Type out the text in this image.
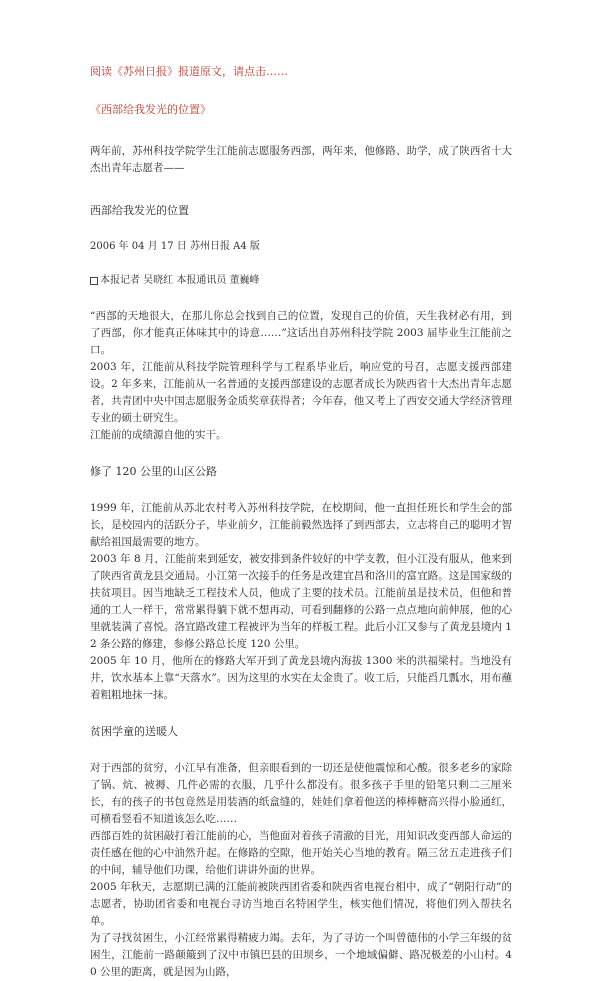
阅读《苏州日报》报道原文，请点击……

《西部给我发光的位置》

两年前，苏州科技学院学生江能前志愿服务西部，两年来，他修路、助学，成了陕西省十大杰出青年志愿者——

西部给我发光的位置

2006 年 04 月 17 日 苏州日报 A4 版

本报记者 吴晓红 本报通讯员 董巍峰

“西部的天地很大，在那儿你总会找到自己的位置，发现自己的价值，天生我材必有用，到了西部，你才能真正体味其中的诗意……”这话出自苏州科技学院 2003 届毕业生江能前之口。

2003 年，江能前从科技学院管理科学与工程系毕业后，响应党的号召，志愿支援西部建设。2 年多来，江能前从一名普通的支援西部建设的志愿者成长为陕西省十大杰出青年志愿者，共青团中央中国志愿服务金质奖章获得者；今年春，他又考上了西安交通大学经济管理专业的硕士研究生。

江能前的成绩源自他的实干。

修了 120 公里的山区公路

1999 年，江能前从苏北农村考入苏州科技学院，在校期间，他一直担任班长和学生会的部长，是校园内的活跃分子，毕业前夕，江能前毅然选择了到西部去，立志将自己的聪明才智献给祖国最需要的地方。

2003 年 8 月，江能前来到延安，被安排到条件较好的中学支教，但小江没有服从，他来到了陕西省黄龙县交通局。小江第一次接手的任务是改建宜昌和洛川的富宜路。这是国家级的扶贫项目。因当地缺乏工程技术人员，他成了主要的技术员。江能前虽是技术员，但他和普通的工人一样干，常常累得躺下就不想再动，可看到翻修的公路一点点地向前伸展，他的心里就装满了喜悦。洛宜路改建工程被评为当年的样板工程。此后小江又参与了黄龙县境内 12 条公路的修建，参修公路总长度 120 公里。

2005 年 10 月，他所在的修路大军开到了黄龙县境内海拔 1300 米的洪福梁村。当地没有井，饮水基本上靠“天落水”。因为这里的水实在太金贵了。收工后，只能舀几瓢水，用布蘸着粗粗地抹一抹。

贫困学童的送暖人

对于西部的贫穷，小江早有准备，但亲眼看到的一切还是使他震惊和心酸。很多老乡的家除了锅、炕、被褥、几件必需的衣服，几乎什么都没有。很多孩子手里的铅笔只剩二三厘米长，有的孩子的书包竟然是用装酒的纸盒缝的，娃娃们拿着他送的棒棒糖高兴得小脸通红，可横看竖看不知道该怎么吃……

西部百姓的贫困敲打着江能前的心，当他面对着孩子清澈的目光，用知识改变西部人命运的责任感在他的心中油然升起。在修路的空隙，他开始关心当地的教育。隔三岔五走进孩子们的中间，辅导他们功课，给他们讲讲外面的世界。

2005 年秋天，志愿期已满的江能前被陕西团省委和陕西省电视台相中，成了“朝阳行动”的志愿者，协助团省委和电视台寻访当地百名特困学生，核实他们情况，将他们列入帮扶名单。

为了寻找贫困生，小江经常累得精疲力竭。去年，为了寻访一个叫曾德伟的小学三年级的贫困生，江能前一路颠簸到了汉中市镇巴县的田坝乡，一个地域偏僻、路况极差的小山村。40 公里的距离，就是因为山路，
